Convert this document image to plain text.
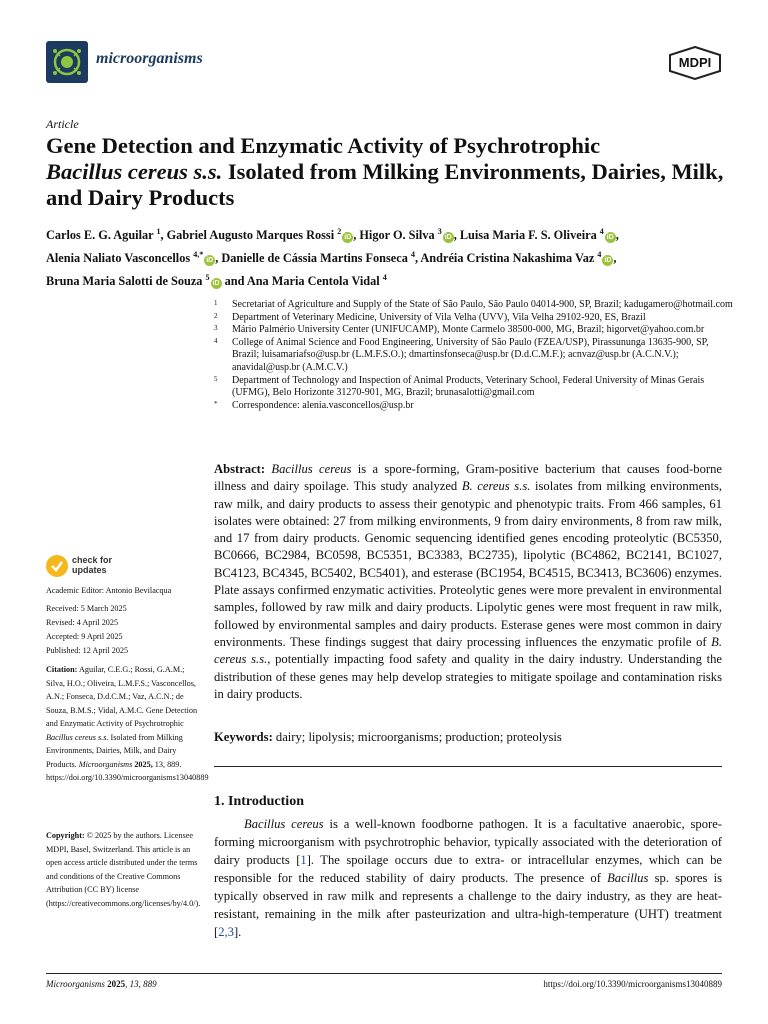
microorganisms	MDPI
Article
Gene Detection and Enzymatic Activity of Psychrotrophic
Bacillus cereus s.s. Isolated from Milking Environments, Dairies, Milk, and Dairy Products
Carlos E. G. Aguilar $^1$, Gabriel Augusto Marques Rossi $^2$iD , Higor O. Silva $^3$iD , Luisa Maria F. S. Oliveira $^4$iD ,
Alenia Naliato Vasconcellos $^{4,*}$iD , Danielle de Cássia Martins Fonseca $^4$, Andréia Cristina Nakashima Vaz $^4$iD ,
Bruna Maria Salotti de Souza $^5$iD and Ana Maria Centola Vidal $^4$
1 Secretariat of Agriculture and Supply of the State of São Paulo, São Paulo 04014-900, SP, Brazil; kadugamero@hotmail.com
2 Department of Veterinary Medicine, University of Vila Velha (UVV), Vila Velha 29102-920, ES, Brazil
3 Mário Palmério University Center (UNIFUCAMP), Monte Carmelo 38500-000, MG, Brazil; higorvet@yahoo.com.br
4 College of Animal Science and Food Engineering, University of São Paulo (FZEA/USP), Pirassununga 13635-900, SP, Brazil; luisamariafso@usp.br (L.M.F.S.O.); dmartinsfonseca@usp.br (D.d.C.M.F.); acnvaz@usp.br (A.C.N.V.); anavidal@usp.br (A.M.C.V.)
5 Department of Technology and Inspection of Animal Products, Veterinary School, Federal University of Minas Gerais (UFMG), Belo Horizonte 31270-901, MG, Brazil; brunasalotti@gmail.com
* Correspondence: alenia.vasconcellos@usp.br
Abstract: Bacillus cereus is a spore-forming, Gram-positive bacterium that causes food-borne illness and dairy spoilage. This study analyzed B. cereus s.s. isolates from milking environments, raw milk, and dairy products to assess their genotypic and phenotypic traits. From 466 samples, 61 isolates were obtained: 27 from milking environments, 9 from dairy environments, 8 from raw milk, and 17 from dairy products. Genomic sequencing identified genes encoding proteolytic (BC5350, BC0666, BC2984, BC0598, BC5351, BC3383, BC2735), lipolytic (BC4862, BC2141, BC1027, BC4123, BC4345, BC5402, BC5401), and esterase (BC1954, BC4515, BC3413, BC3606) enzymes. Plate assays confirmed enzymatic activities. Proteolytic genes were more prevalent in environmental samples, followed by raw milk and dairy products. Lipolytic genes were most frequent in raw milk, followed by environmental samples and dairy products. Esterase genes were most common in dairy environments. These findings suggest that dairy processing influences the enzymatic profile of B. cereus s.s., potentially impacting food safety and quality in the dairy industry. Understanding the distribution of these genes may help develop strategies to mitigate spoilage and contamination risks in dairy products.
Keywords: dairy; lipolysis; microorganisms; production; proteolysis
1. Introduction
Bacillus cereus is a well-known foodborne pathogen. It is a facultative anaerobic, spore-forming microorganism with psychrotrophic behavior, typically associated with the deterioration of dairy products [1]. The spoilage occurs due to extra- or intracellular enzymes, which can be responsible for the reduced stability of dairy products. The presence of Bacillus sp. spores is typically observed in raw milk and represents a challenge to the dairy industry, as they are heat-resistant, remaining in the milk after pasteurization and ultra-high-temperature (UHT) treatment [2,3].
check for
updates
Academic Editor: Antonio Bevilacqua
Received: 5 March 2025
Revised: 4 April 2025
Accepted: 9 April 2025
Published: 12 April 2025
Citation: Aguilar, C.E.G.; Rossi, G.A.M.; Silva, H.O.; Oliveira, L.M.F.S.; Vasconcellos, A.N.; Fonseca, D.d.C.M.; Vaz, A.C.N.; de Souza, B.M.S.; Vidal, A.M.C. Gene Detection and Enzymatic Activity of Psychrotrophic Bacillus cereus s.s. Isolated from Milking Environments, Dairies, Milk, and Dairy Products. Microorganisms 2025, 13, 889. https://doi.org/10.3390/microorganisms13040889
Copyright: © 2025 by the authors. Licensee MDPI, Basel, Switzerland. This article is an open access article distributed under the terms and conditions of the Creative Commons Attribution (CC BY) license (https://creativecommons.org/licenses/by/4.0/).
Microorganisms 2025, 13, 889	https://doi.org/10.3390/microorganisms13040889
